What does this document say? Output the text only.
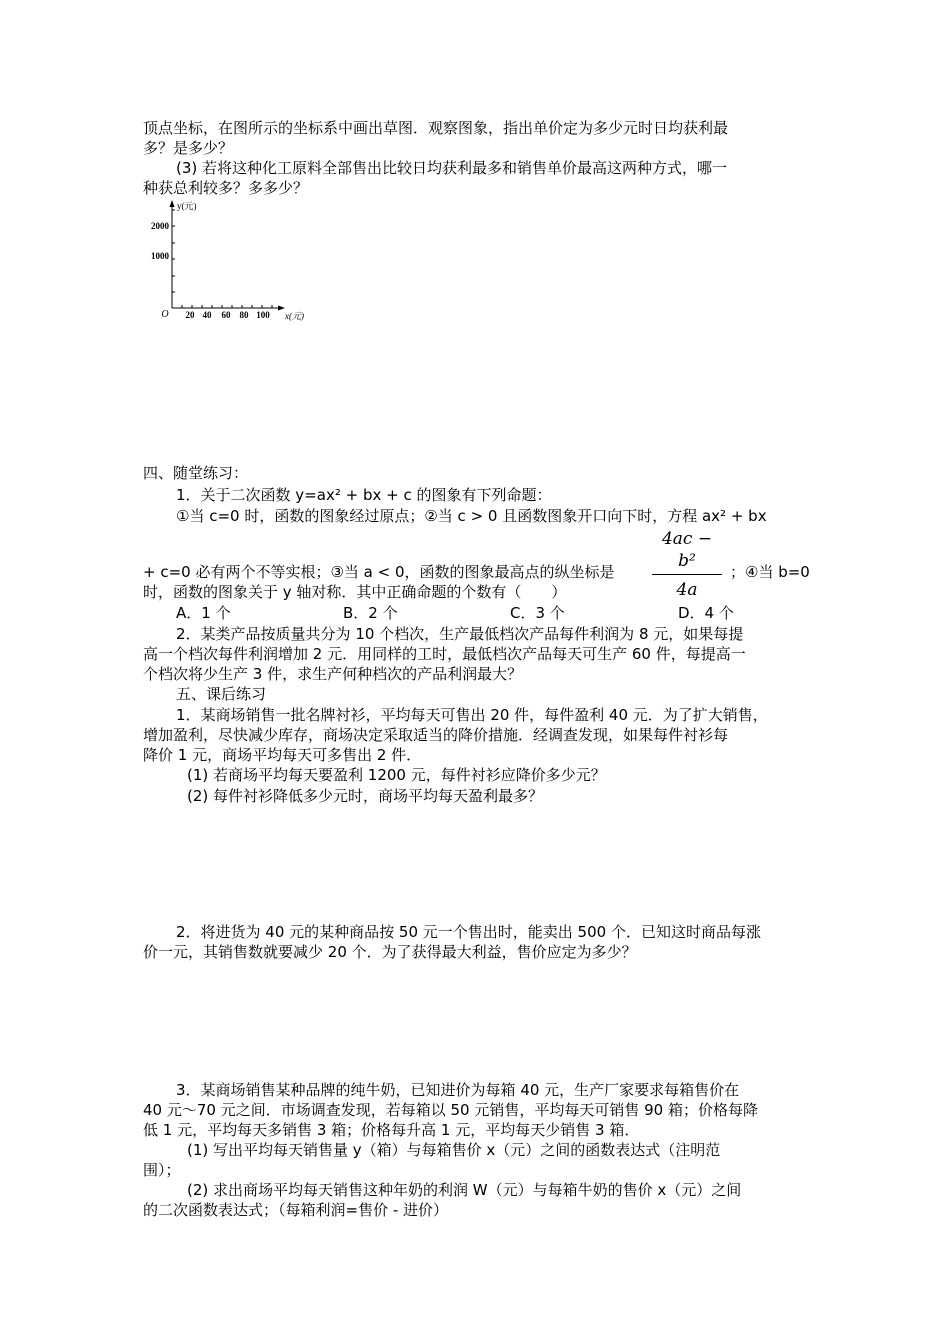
顶点坐标，在图所示的坐标系中画出草图．观察图象，指出单价定为多少元时日均获利最
多？是多少？
(3) 若将这种化工原料全部售出比较日均获利最多和销售单价最高这两种方式，哪一
种获总利较多？多多少？
y(元)
2000
1000
O 20 40 60 80 100 x(元)
四、随堂练习：
1．关于二次函数 y=ax² + bx + c 的图象有下列命题：
①当 c=0 时，函数的图象经过原点；②当 c > 0 且函数图象开口向下时，方程 ax² + bx
$\frac{\text{4ac − b²}}{4a}$
+ c=0 必有两个不等实根；③当 a < 0，函数的图象最高点的纵坐标是	；④当 b=0
时，函数的图象关于 y 轴对称．其中正确命题的个数有（　　）
A．1 个	B．2 个	C．3 个	D．4 个
2．某类产品按质量共分为 10 个档次，生产最低档次产品每件利润为 8 元，如果每提
高一个档次每件利润增加 2 元．用同样的工时，最低档次产品每天可生产 60 件，每提高一
个档次将少生产 3 件，求生产何种档次的产品利润最大？
五、课后练习
1．某商场销售一批名牌衬衫，平均每天可售出 20 件，每件盈利 40 元．为了扩大销售，
增加盈利，尽快减少库存，商场决定采取适当的降价措施．经调查发现，如果每件衬衫每
降价 1 元，商场平均每天可多售出 2 件．
(1) 若商场平均每天要盈利 1200 元，每件衬衫应降价多少元？
(2) 每件衬衫降低多少元时，商场平均每天盈利最多？
2．将进货为 40 元的某种商品按 50 元一个售出时，能卖出 500 个．已知这时商品每涨
价一元，其销售数就要减少 20 个．为了获得最大利益，售价应定为多少？
3．某商场销售某种品牌的纯牛奶，已知进价为每箱 40 元，生产厂家要求每箱售价在
40 元～70 元之间．市场调查发现，若每箱以 50 元销售，平均每天可销售 90 箱；价格每降
低 1 元，平均每天多销售 3 箱；价格每升高 1 元，平均每天少销售 3 箱．
(1) 写出平均每天销售量 y（箱）与每箱售价 x（元）之间的函数表达式（注明范
围）；
(2) 求出商场平均每天销售这种年奶的利润 W（元）与每箱牛奶的售价 x（元）之间
的二次函数表达式；（每箱利润=售价 - 进价）
